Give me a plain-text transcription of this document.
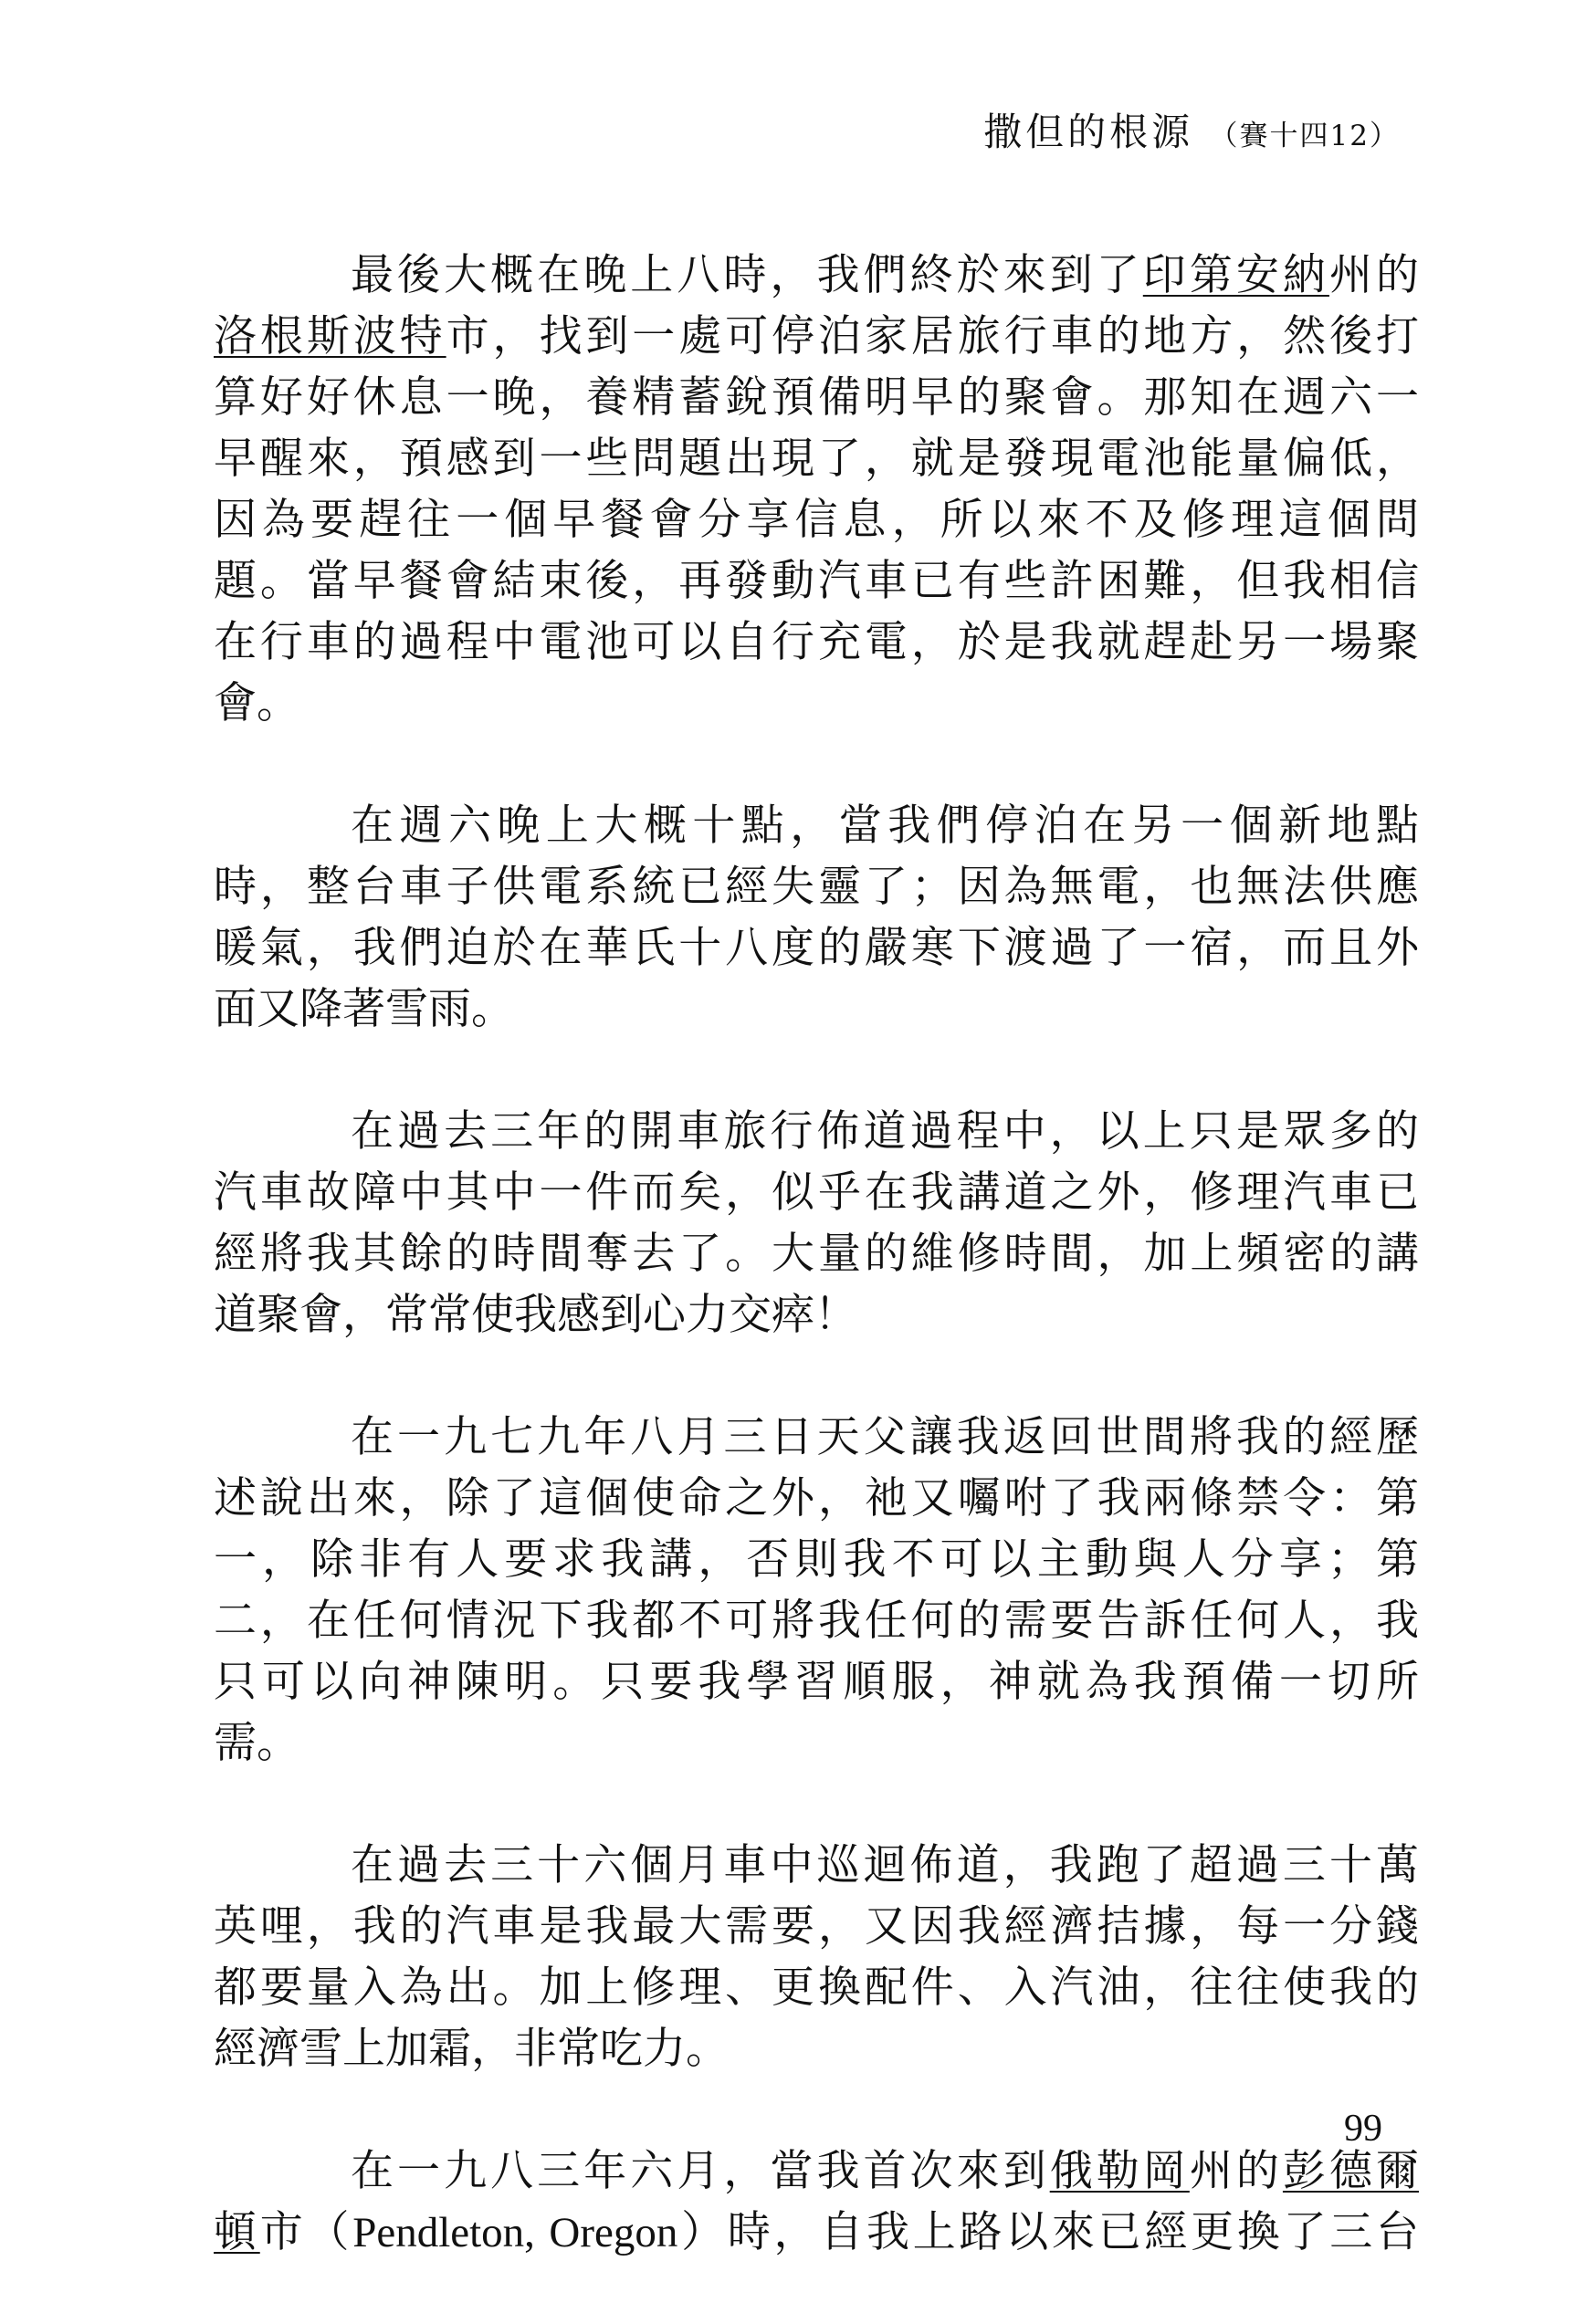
撒但的根源 （賽十四12）
最後大概在晚上八時，我們終於來到了印第安納州的
洛根斯波特市，找到一處可停泊家居旅行車的地方，然後打
算好好休息一晚，養精蓄銳預備明早的聚會。那知在週六一
早醒來，預感到一些問題出現了，就是發現電池能量偏低，
因為要趕往一個早餐會分享信息，所以來不及修理這個問
題。當早餐會結束後，再發動汽車已有些許困難，但我相信
在行車的過程中電池可以自行充電，於是我就趕赴另一場聚
會。
在週六晚上大概十點，當我們停泊在另一個新地點
時，整台車子供電系統已經失靈了；因為無電，也無法供應
暖氣，我們迫於在華氏十八度的嚴寒下渡過了一宿，而且外
面又降著雪雨。
在過去三年的開車旅行佈道過程中，以上只是眾多的
汽車故障中其中一件而矣，似乎在我講道之外，修理汽車已
經將我其餘的時間奪去了。大量的維修時間，加上頻密的講
道聚會，常常使我感到心力交瘁！
在一九七九年八月三日天父讓我返回世間將我的經歷
述說出來，除了這個使命之外，祂又囑咐了我兩條禁令：第
一，除非有人要求我講，否則我不可以主動與人分享；第
二，在任何情況下我都不可將我任何的需要告訴任何人，我
只可以向神陳明。只要我學習順服，神就為我預備一切所
需。
在過去三十六個月車中巡迴佈道，我跑了超過三十萬
英哩，我的汽車是我最大需要，又因我經濟拮據，每一分錢
都要量入為出。加上修理、更換配件、入汽油，往往使我的
經濟雪上加霜，非常吃力。
在一九八三年六月，當我首次來到俄勒岡州的彭德爾
頓市（Pendleton, Oregon）時，自我上路以來已經更換了三台
99
